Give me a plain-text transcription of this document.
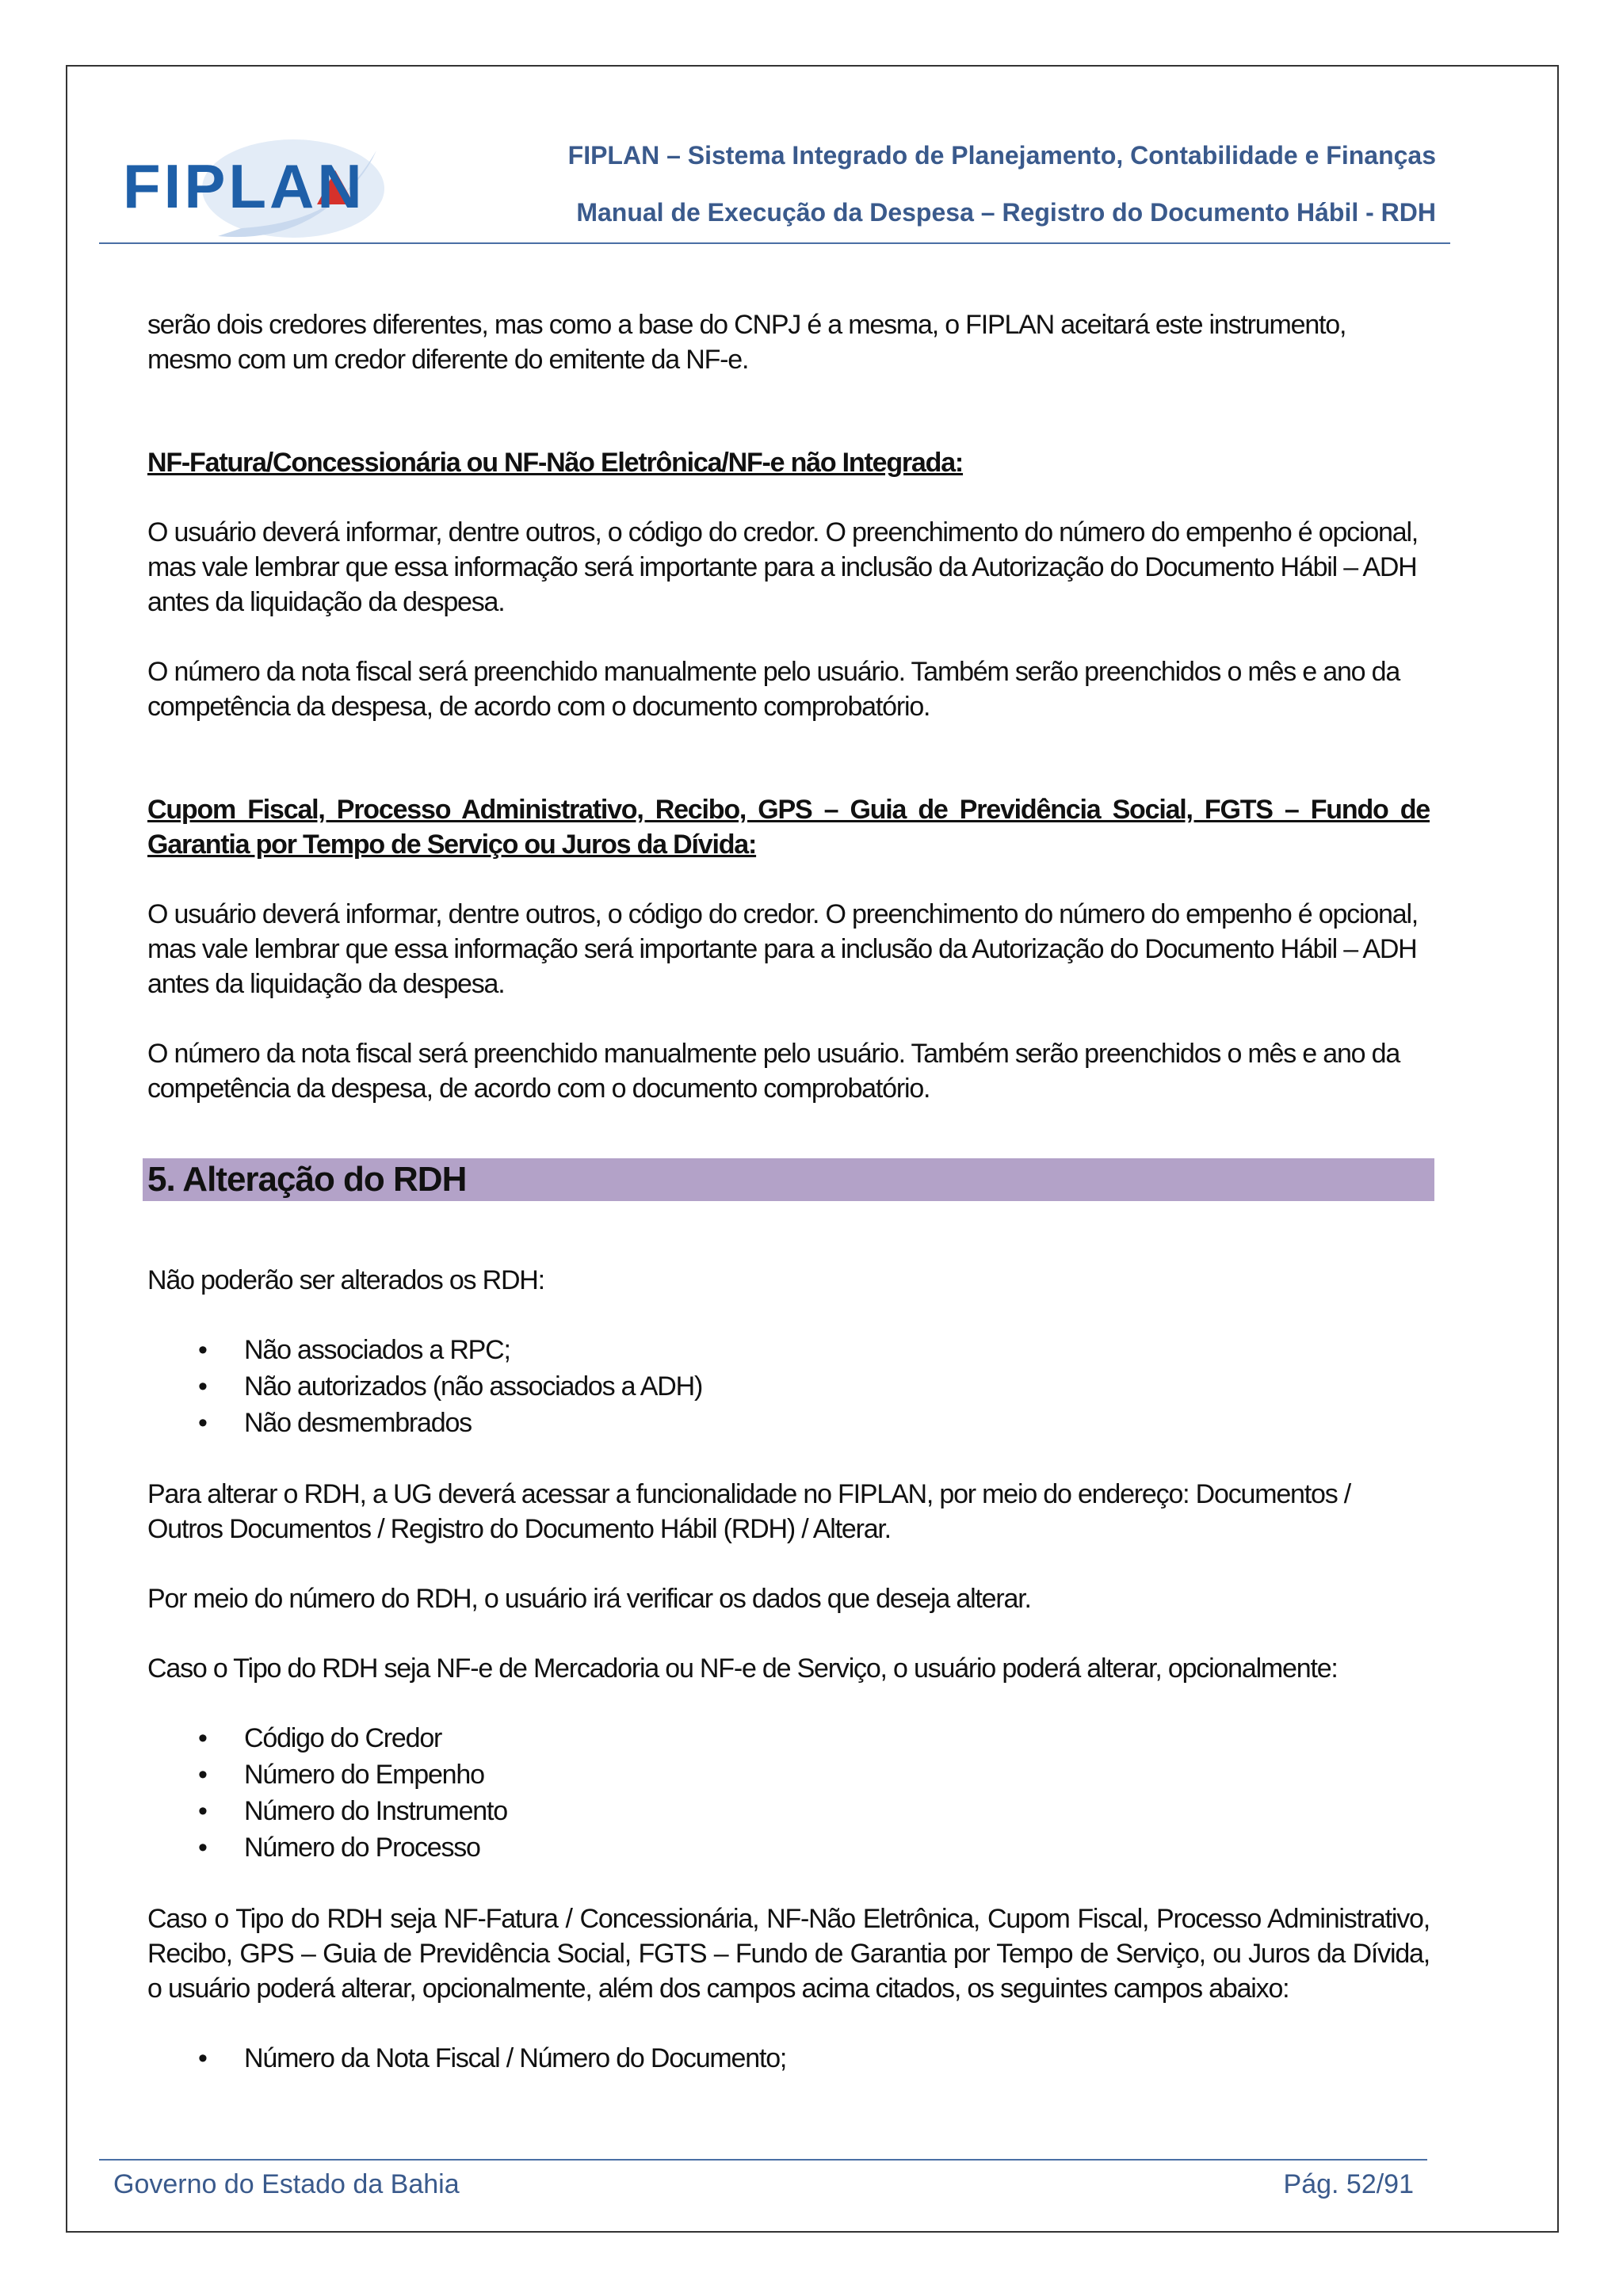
FIPLAN – Sistema Integrado de Planejamento, Contabilidade e Finanças
Manual de Execução da Despesa – Registro do Documento Hábil - RDH
FIPLAN

serão dois credores diferentes, mas como a base do CNPJ é a mesma, o FIPLAN aceitará este instrumento, mesmo com um credor diferente do emitente da NF-e.

NF-Fatura/Concessionária ou NF-Não Eletrônica/NF-e não Integrada:

O usuário deverá informar, dentre outros, o código do credor. O preenchimento do número do empenho é opcional, mas vale lembrar que essa informação será importante para a inclusão da Autorização do Documento Hábil – ADH antes da liquidação da despesa.

O número da nota fiscal será preenchido manualmente pelo usuário. Também serão preenchidos o mês e ano da competência da despesa, de acordo com o documento comprobatório.

Cupom Fiscal, Processo Administrativo, Recibo, GPS – Guia de Previdência Social, FGTS – Fundo de Garantia por Tempo de Serviço ou Juros da Dívida:

O usuário deverá informar, dentre outros, o código do credor. O preenchimento do número do empenho é opcional, mas vale lembrar que essa informação será importante para a inclusão da Autorização do Documento Hábil – ADH antes da liquidação da despesa.

O número da nota fiscal será preenchido manualmente pelo usuário. Também serão preenchidos o mês e ano da competência da despesa, de acordo com o documento comprobatório.

5. Alteração do RDH

Não poderão ser alterados os RDH:

• Não associados a RPC;
• Não autorizados (não associados a ADH)
• Não desmembrados

Para alterar o RDH, a UG deverá acessar a funcionalidade no FIPLAN, por meio do endereço: Documentos / Outros Documentos / Registro do Documento Hábil (RDH) / Alterar.

Por meio do número do RDH, o usuário irá verificar os dados que deseja alterar.

Caso o Tipo do RDH seja NF-e de Mercadoria ou NF-e de Serviço, o usuário poderá alterar, opcionalmente:

• Código do Credor
• Número do Empenho
• Número do Instrumento
• Número do Processo

Caso o Tipo do RDH seja NF-Fatura / Concessionária, NF-Não Eletrônica, Cupom Fiscal, Processo Administrativo, Recibo, GPS – Guia de Previdência Social, FGTS – Fundo de Garantia por Tempo de Serviço, ou Juros da Dívida, o usuário poderá alterar, opcionalmente, além dos campos acima citados, os seguintes campos abaixo:

• Número da Nota Fiscal / Número do Documento;
Governo do Estado da Bahia	Pág. 52/91
